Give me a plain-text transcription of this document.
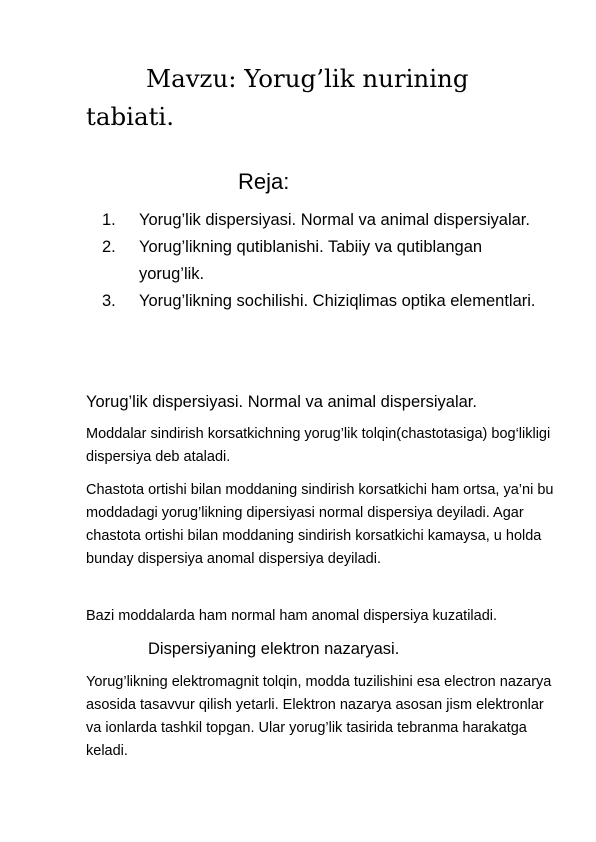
Mavzu: Yorug’lik nurining tabiati.
Reja:
1. Yorug’lik dispersiyasi. Normal va animal dispersiyalar.
2. Yorug’likning qutiblanishi. Tabiiy va qutiblangan yorug’lik.
3. Yorug’likning sochilishi. Chiziqlimas optika elementlari.
Yorug’lik dispersiyasi. Normal va animal dispersiyalar.

Moddalar sindirish korsatkichning yorug’lik tolqin(chastotasiga) bog‘likligi dispersiya deb ataladi.

Chastota ortishi bilan moddaning sindirish korsatkichi ham ortsa, ya’ni bu moddadagi yorug’likning dipersiyasi normal dispersiya deyiladi. Agar chastota ortishi bilan moddaning sindirish korsatkichi kamaysa, u holda bunday dispersiya anomal dispersiya deyiladi.

Bazi moddalarda ham normal ham anomal dispersiya kuzatiladi.

Dispersiyaning elektron nazaryasi.

Yorug’likning elektromagnit tolqin, modda tuzilishini esa electron nazarya asosida tasavvur qilish yetarli. Elektron nazarya asosan jism elektronlar va ionlarda tashkil topgan. Ular yorug’lik tasirida tebranma harakatga keladi.
